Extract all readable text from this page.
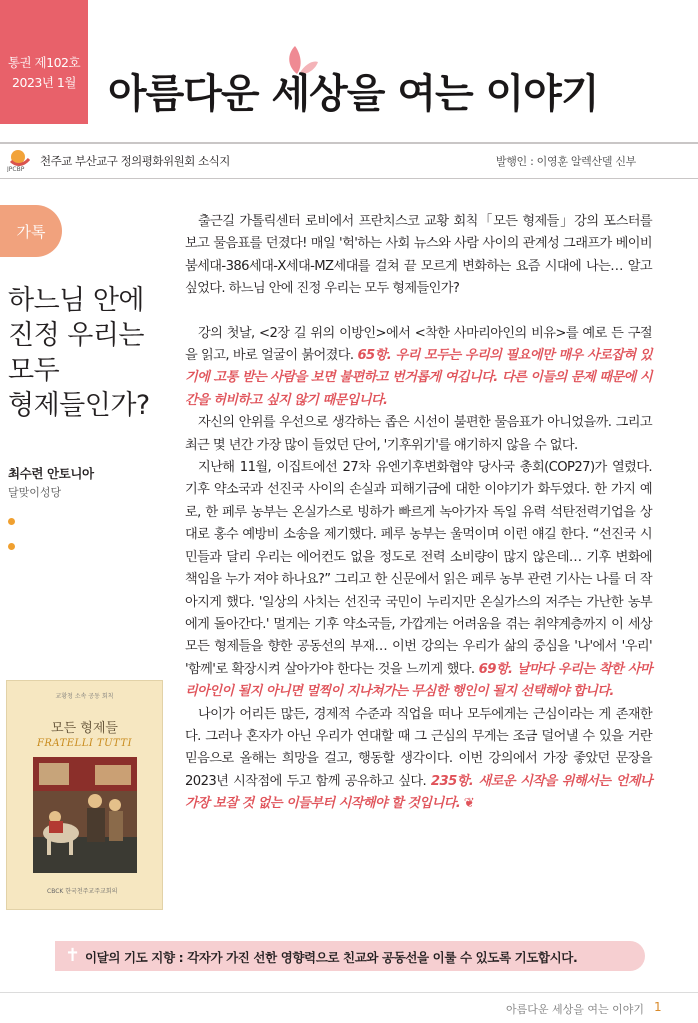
통권 제102호
2023년 1월 아름다운 세상을 여는 이야기
JPCBP
천주교 부산교구 정의평화위원회 소식지	발행인 : 이영훈 알렉산델 신부
가톡
하느님 안에
진정 우리는
모두
형제들인가?
최수련 안토니아
달맞이성당
교황청 소속 공동 회칙
모든 형제들
FRATELLI TUTTI
CBCK 한국천주교주교회의

출근길 가톨릭센터 로비에서 프란치스코 교황 회칙「모든 형제들」강의 포스터를 보고 물음표를 던졌다! 매일 '헉'하는 사회 뉴스와 사람 사이의 관계성 그래프가 베이비붐세대-386세대-X세대-MZ세대를 걸쳐 끝 모르게 변화하는 요즘 시대에 나는… 알고 싶었다. 하느님 안에 진정 우리는 모두 형제들인가?

강의 첫날, <2장 길 위의 이방인>에서 <착한 사마리아인의 비유>를 예로 든 구절을 읽고, 바로 얼굴이 붉어졌다. 65항. 우리 모두는 우리의 필요에만 매우 사로잡혀 있기에 고통 받는 사람을 보면 불편하고 번거롭게 여깁니다. 다른 이들의 문제 때문에 시간을 허비하고 싶지 않기 때문입니다.

자신의 안위를 우선으로 생각하는 좁은 시선이 불편한 물음표가 아니었을까. 그리고 최근 몇 년간 가장 많이 들었던 단어, '기후위기'를 얘기하지 않을 수 없다.

지난해 11월, 이집트에선 27차 유엔기후변화협약 당사국 총회(COP27)가 열렸다. 기후 약소국과 선진국 사이의 손실과 피해기금에 대한 이야기가 화두였다. 한 가지 예로, 한 페루 농부는 온실가스로 빙하가 빠르게 녹아가자 독일 유력 석탄전력기업을 상대로 홍수 예방비 소송을 제기했다. 페루 농부는 울먹이며 이런 얘길 한다. “선진국 시민들과 달리 우리는 에어컨도 없을 정도로 전력 소비량이 많지 않은데… 기후 변화에 책임을 누가 져야 하나요?” 그리고 한 신문에서 읽은 페루 농부 관련 기사는 나를 더 작아지게 했다. '일상의 사치는 선진국 국민이 누리지만 온실가스의 저주는 가난한 농부에게 돌아간다.' 멀게는 기후 약소국들, 가깝게는 어려움을 겪는 취약계층까지 이 세상 모든 형제들을 향한 공동선의 부재… 이번 강의는 우리가 삶의 중심을 '나'에서 '우리' '함께'로 확장시켜 살아가야 한다는 것을 느끼게 했다. 69항. 날마다 우리는 착한 사마리아인이 될지 아니면 멀찍이 지나쳐가는 무심한 행인이 될지 선택해야 합니다.

나이가 어리든 많든, 경제적 수준과 직업을 떠나 모두에게는 근심이라는 게 존재한다. 그러나 혼자가 아닌 우리가 연대할 때 그 근심의 무게는 조금 덜어낼 수 있을 거란 믿음으로 올해는 희망을 걸고, 행동할 생각이다. 이번 강의에서 가장 좋았던 문장을 2023년 시작점에 두고 함께 공유하고 싶다. 235항. 새로운 시작을 위해서는 언제나 가장 보잘 것 없는 이들부터 시작해야 할 것입니다. ❦

✝ 이달의 기도 지향 : 각자가 가진 선한 영향력으로 친교와 공동선을 이룰 수 있도록 기도합시다.
아름다운 세상을 여는 이야기 1
